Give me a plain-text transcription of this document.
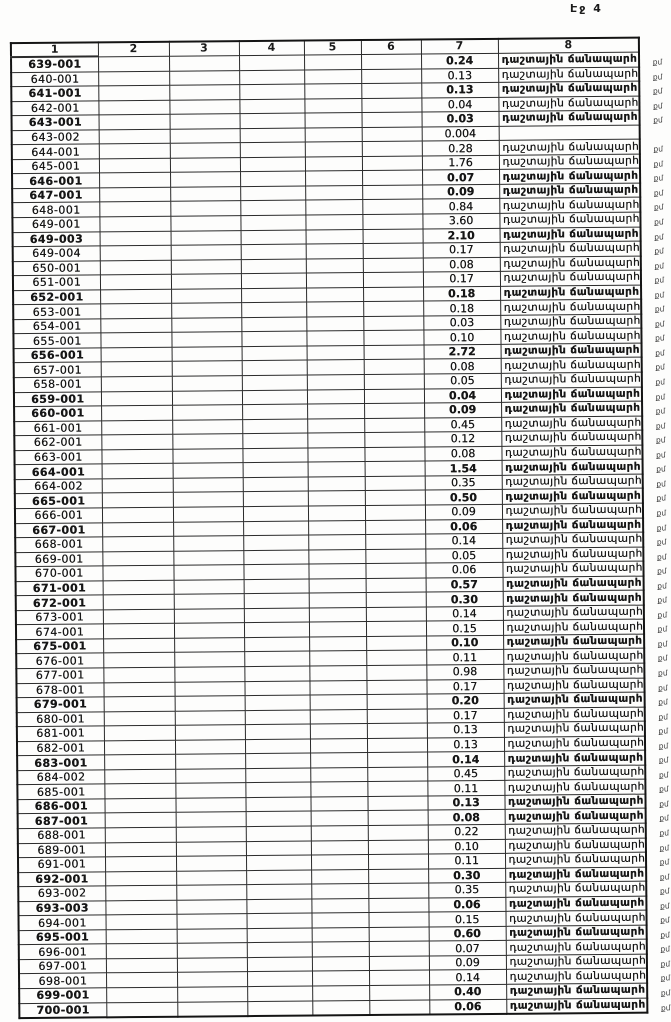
Էջ 4
1	2	3	4	5	6	7	8
639-001						0.24	դաշտային ճանապարհ քմ

640-001						0.13	դաշտային ճանապարհ քմ

641-001						0.13	դաշտային ճանապարհ քմ

642-001						0.04	դաշտային ճանապարհ քմ

643-001						0.03	դաշտային ճանապարհ քմ

643-002						0.004	

644-001						0.28	դաշտային ճանապարհ քմ

645-001						1.76	դաշտային ճանապարհ քմ

646-001						0.07	դաշտային ճանապարհ քմ

647-001						0.09	դաշտային ճանապարհ քմ

648-001						0.84	դաշտային ճանապարհ քմ

649-001						3.60	դաշտային ճանապարհ քմ

649-003						2.10	դաշտային ճանապարհ քմ

649-004						0.17	դաշտային ճանապարհ քմ

650-001						0.08	դաշտային ճանապարհ քմ

651-001						0.17	դաշտային ճանապարհ քմ

652-001						0.18	դաշտային ճանապարհ քմ

653-001						0.18	դաշտային ճանապարհ քմ

654-001						0.03	դաշտային ճանապարհ քմ

655-001						0.10	դաշտային ճանապարհ քմ

656-001						2.72	դաշտային ճանապարհ քմ

657-001						0.08	դաշտային ճանապարհ քմ

658-001						0.05	դաշտային ճանապարհ քմ

659-001						0.04	դաշտային ճանապարհ քմ

660-001						0.09	դաշտային ճանապարհ քմ

661-001						0.45	դաշտային ճանապարհ քմ

662-001						0.12	դաշտային ճանապարհ քմ

663-001						0.08	դաշտային ճանապարհ քմ

664-001						1.54	դաշտային ճանապարհ քմ

664-002						0.35	դաշտային ճանապարհ քմ

665-001						0.50	դաշտային ճանապարհ քմ

666-001						0.09	դաշտային ճանապարհ քմ

667-001						0.06	դաշտային ճանապարհ քմ

668-001						0.14	դաշտային ճանապարհ քմ

669-001						0.05	դաշտային ճանապարհ քմ

670-001						0.06	դաշտային ճանապարհ քմ

671-001						0.57	դաշտային ճանապարհ քմ

672-001						0.30	դաշտային ճանապարհ քմ

673-001						0.14	դաշտային ճանապարհ քմ

674-001						0.15	դաշտային ճանապարհ քմ

675-001						0.10	դաշտային ճանապարհ քմ

676-001						0.11	դաշտային ճանապարհ քմ

677-001						0.98	դաշտային ճանապարհ քմ

678-001						0.17	դաշտային ճանապարհ քմ

679-001						0.20	դաշտային ճանապարհ քմ

680-001						0.17	դաշտային ճանապարհ քմ

681-001						0.13	դաշտային ճանապարհ քմ

682-001						0.13	դաշտային ճանապարհ քմ

683-001						0.14	դաշտային ճանապարհ քմ

684-002						0.45	դաշտային ճանապարհ քմ

685-001						0.11	դաշտային ճանապարհ քմ

686-001						0.13	դաշտային ճանապարհ քմ

687-001						0.08	դաշտային ճանապարհ քմ

688-001						0.22	դաշտային ճանապարհ քմ

689-001						0.10	դաշտային ճանապարհ քմ

691-001						0.11	դաշտային ճանապարհ քմ

692-001						0.30	դաշտային ճանապարհ քմ

693-002						0.35	դաշտային ճանապարհ քմ

693-003						0.06	դաշտային ճանապարհ քմ

694-001						0.15	դաշտային ճանապարհ քմ

695-001						0.60	դաշտային ճանապարհ քմ

696-001						0.07	դաշտային ճանապարհ քմ

697-001						0.09	դաշտային ճանապարհ քմ

698-001						0.14	դաշտային ճանապարհ քմ

699-001						0.40	դաշտային ճանապարհ քմ

700-001						0.06	դաշտային ճանապարհ քմ
